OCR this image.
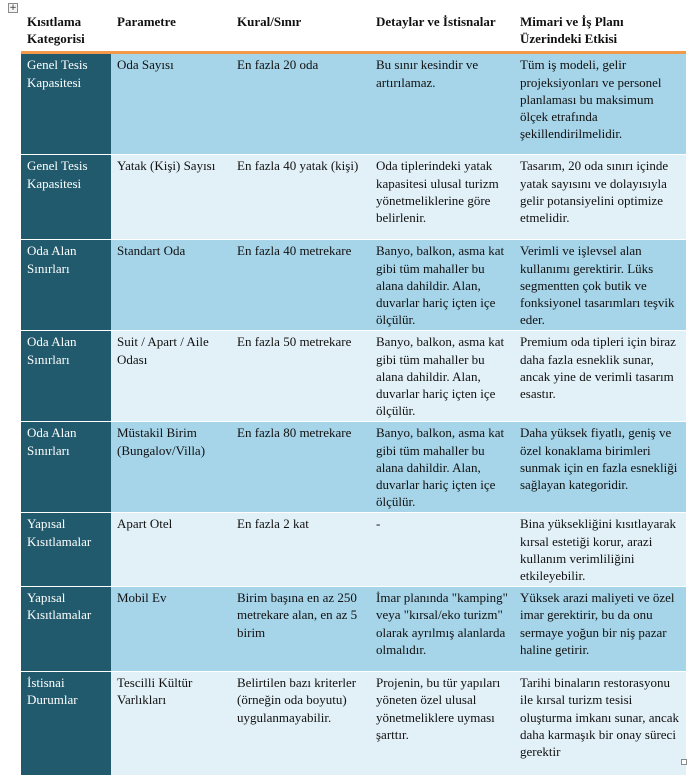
+
Kısıtlama Kategorisi	Parametre	Kural/Sınır	Detaylar ve İstisnalar	Mimari ve İş Planı Üzerindeki Etkisi
Genel Tesis Kapasitesi	Oda Sayısı	En fazla 20 oda	Bu sınır kesindir ve artırılamaz.	Tüm iş modeli, gelir projeksiyonları ve personel planlaması bu maksimum ölçek etrafında şekillendirilmelidir.
Genel Tesis Kapasitesi	Yatak (Kişi) Sayısı	En fazla 40 yatak (kişi)	Oda tiplerindeki yatak kapasitesi ulusal turizm yönetmeliklerine göre belirlenir.	Tasarım, 20 oda sınırı içinde yatak sayısını ve dolayısıyla gelir potansiyelini optimize etmelidir.
Oda Alan Sınırları	Standart Oda	En fazla 40 metrekare	Banyo, balkon, asma kat gibi tüm mahaller bu alana dahildir. Alan, duvarlar hariç içten içe ölçülür.	Verimli ve işlevsel alan kullanımı gerektirir. Lüks segmentten çok butik ve fonksiyonel tasarımları teşvik eder.
Oda Alan Sınırları	Suit / Apart / Aile Odası	En fazla 50 metrekare	Banyo, balkon, asma kat gibi tüm mahaller bu alana dahildir. Alan, duvarlar hariç içten içe ölçülür.	Premium oda tipleri için biraz daha fazla esneklik sunar, ancak yine de verimli tasarım esastır.
Oda Alan Sınırları	Müstakil Birim (Bungalov/Villa)	En fazla 80 metrekare	Banyo, balkon, asma kat gibi tüm mahaller bu alana dahildir. Alan, duvarlar hariç içten içe ölçülür.	Daha yüksek fiyatlı, geniş ve özel konaklama birimleri sunmak için en fazla esnekliği sağlayan kategoridir.
Yapısal Kısıtlamalar	Apart Otel	En fazla 2 kat	-	Bina yüksekliğini kısıtlayarak kırsal estetiği korur, arazi kullanım verimliliğini etkileyebilir.
Yapısal Kısıtlamalar	Mobil Ev	Birim başına en az 250 metrekare alan, en az 5 birim	İmar planında "kamping" veya "kırsal/eko turizm" olarak ayrılmış alanlarda olmalıdır.	Yüksek arazi maliyeti ve özel imar gerektirir, bu da onu sermaye yoğun bir niş pazar haline getirir.
İstisnai Durumlar	Tescilli Kültür Varlıkları	Belirtilen bazı kriterler (örneğin oda boyutu) uygulanmayabilir.	Projenin, bu tür yapıları yöneten özel ulusal yönetmeliklere uyması şarttır.	Tarihi binaların restorasyonu ile kırsal turizm tesisi oluşturma imkanı sunar, ancak daha karmaşık bir onay süreci gerektir
